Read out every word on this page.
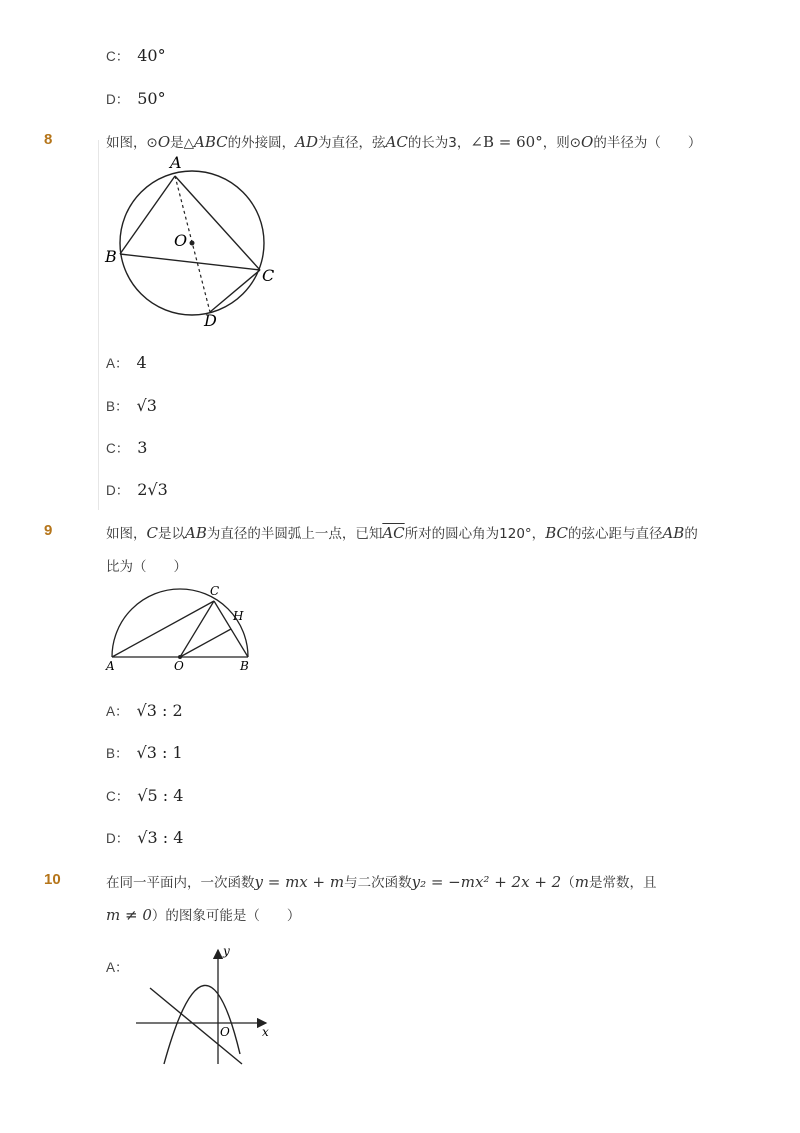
C： 40°
D： 50°
8	如图，⊙O是△ABC的外接圆，AD为直径，弦AC的长为3，∠B = 60°，则⊙O的半径为（　　）
A
B
C
D
O
A： 4
B： √3
C： 3
D： 2√3
9	如图，C是以AB为直径的半圆弧上一点，已知$\overline{AC}$所对的圆心角为120°，BC的弦心距与直径AB的
比为（　　）
A	O	B
C
H
A： √3 : 2
B： √3 : 1
C： √5 : 4
D： √3 : 4
10	在同一平面内，一次函数y = mx + m与二次函数y₂ = −mx² + 2x + 2（m是常数，且
m ≠ 0）的图象可能是（　　）
A：
x
y
O
